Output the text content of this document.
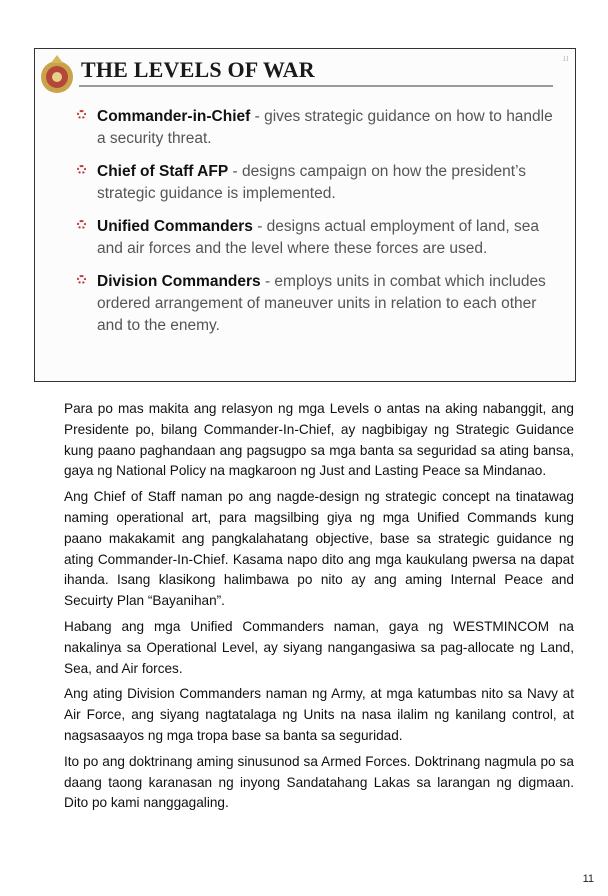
THE LEVELS OF WAR	11
Commander-in-Chief - gives strategic guidance on how to handle a security threat.
Chief of Staff AFP - designs campaign on how the president’s strategic guidance is implemented.
Unified Commanders - designs actual employment of land, sea and air forces and the level where these forces are used.
Division Commanders - employs units in combat which includes ordered arrangement of maneuver units in relation to each other and to the enemy.

Para po mas makita ang relasyon ng mga Levels o antas na aking nabanggit, ang Presidente po, bilang Commander-In-Chief, ay nagbibigay ng Strategic Guidance kung paano paghandaan ang pagsugpo sa mga banta sa seguridad sa ating bansa, gaya ng National Policy na magkaroon ng Just and Lasting Peace sa Mindanao.

Ang Chief of Staff naman po ang nagde-design ng strategic concept na tinatawag naming operational art, para magsilbing giya ng mga Unified Commands kung paano makakamit ang pangkalahatang objective, base sa strategic guidance ng ating Commander-In-Chief. Kasama napo dito ang mga kaukulang pwersa na dapat ihanda. Isang klasikong halimbawa po nito ay ang aming Internal Peace and Secuirty Plan “Bayanihan”.

Habang ang mga Unified Commanders naman, gaya ng WESTMINCOM na nakalinya sa Operational Level, ay siyang nangangasiwa sa pag-allocate ng Land, Sea, and Air forces.

Ang ating Division Commanders naman ng Army, at mga katumbas nito sa Navy at Air Force, ang siyang nagtatalaga ng Units na nasa ilalim ng kanilang control, at nagsasaayos ng mga tropa base sa banta sa seguridad.

Ito po ang doktrinang aming sinusunod sa Armed Forces. Doktrinang nagmula po sa daang taong karanasan ng inyong Sandatahang Lakas sa larangan ng digmaan. Dito po kami nanggagaling.

11
